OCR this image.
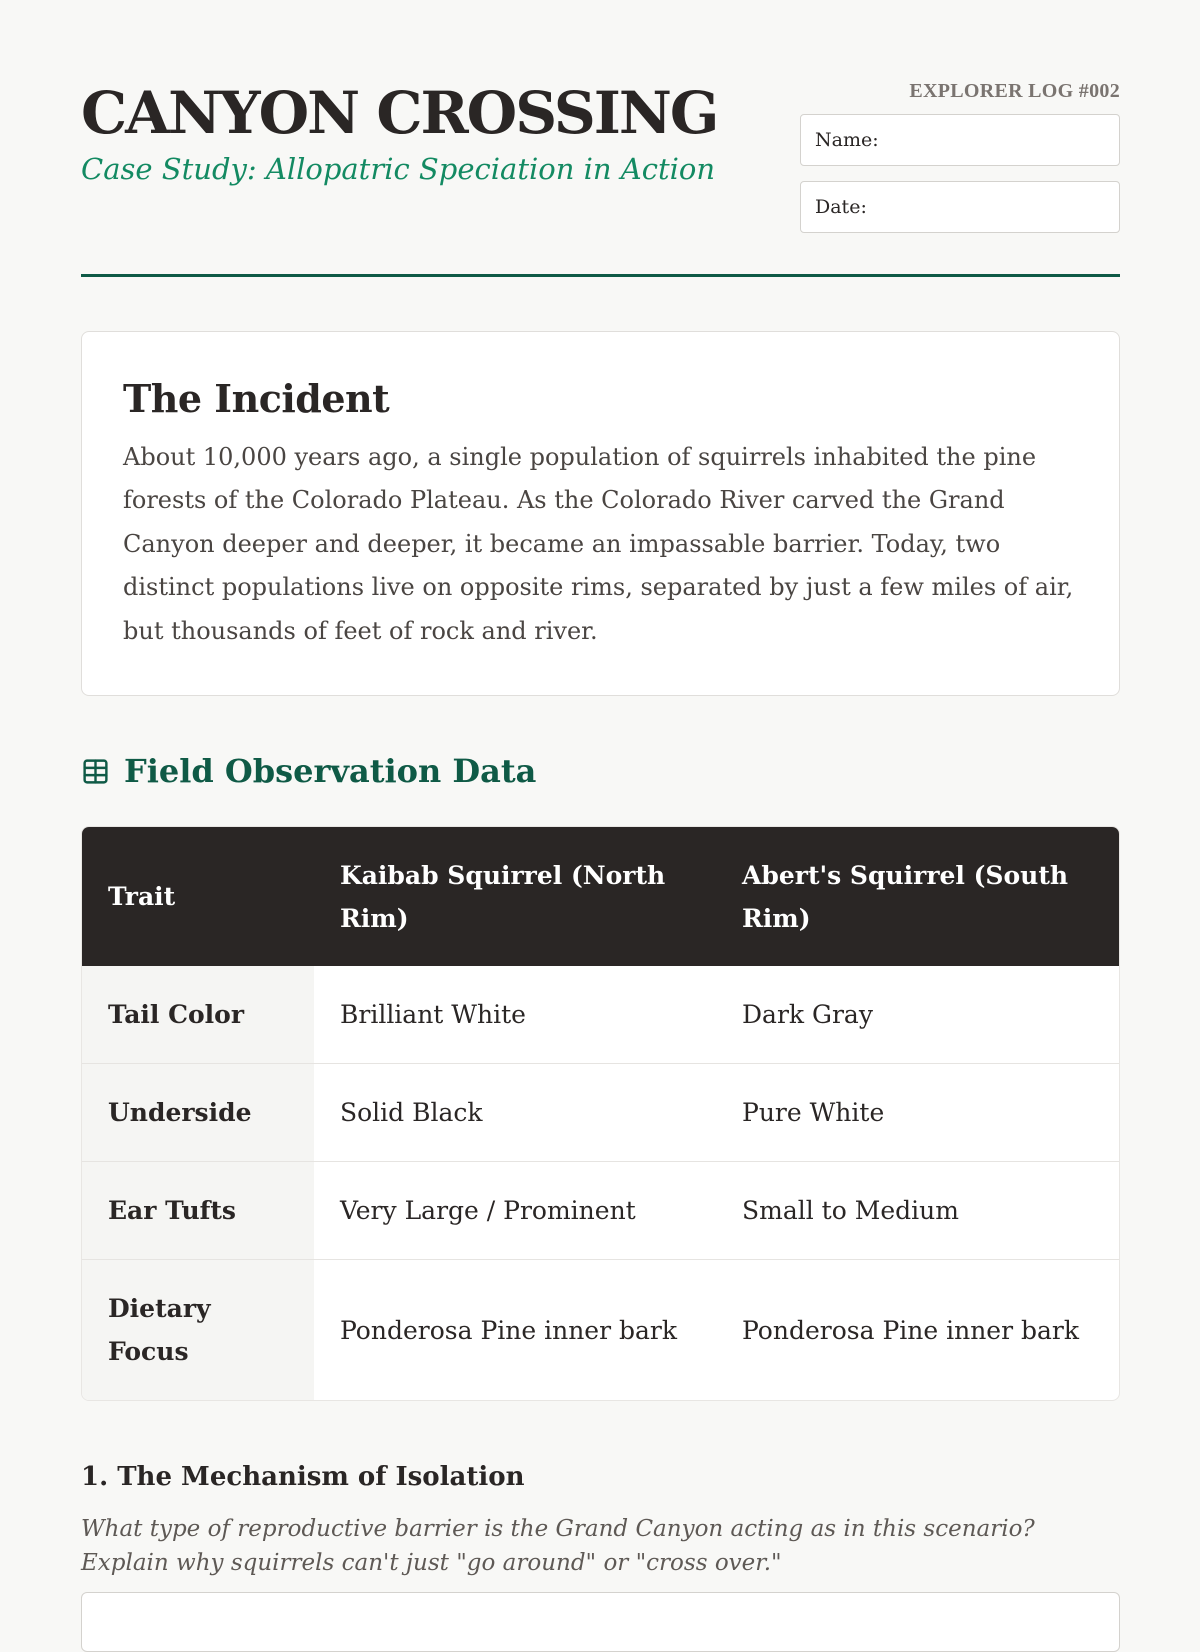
CANYON CROSSING

Case Study: Allopatric Speciation in Action

EXPLORER LOG #002
Name:
Date:
The Incident

About 10,000 years ago, a single population of squirrels inhabited the pine forests of the Colorado Plateau. As the Colorado River carved the Grand Canyon deeper and deeper, it became an impassable barrier. Today, two distinct populations live on opposite rims, separated by just a few miles of air, but thousands of feet of rock and river.

Field Observation Data
Trait	Kaibab Squirrel (North Rim)	Abert's Squirrel (South Rim)
Tail Color	Brilliant White	Dark Gray
Underside	Solid Black	Pure White
Ear Tufts	Very Large / Prominent	Small to Medium
Dietary Focus	Ponderosa Pine inner bark	Ponderosa Pine inner bark
1. The Mechanism of Isolation

What type of reproductive barrier is the Grand Canyon acting as in this scenario? Explain why squirrels can't just "go around" or "cross over."
